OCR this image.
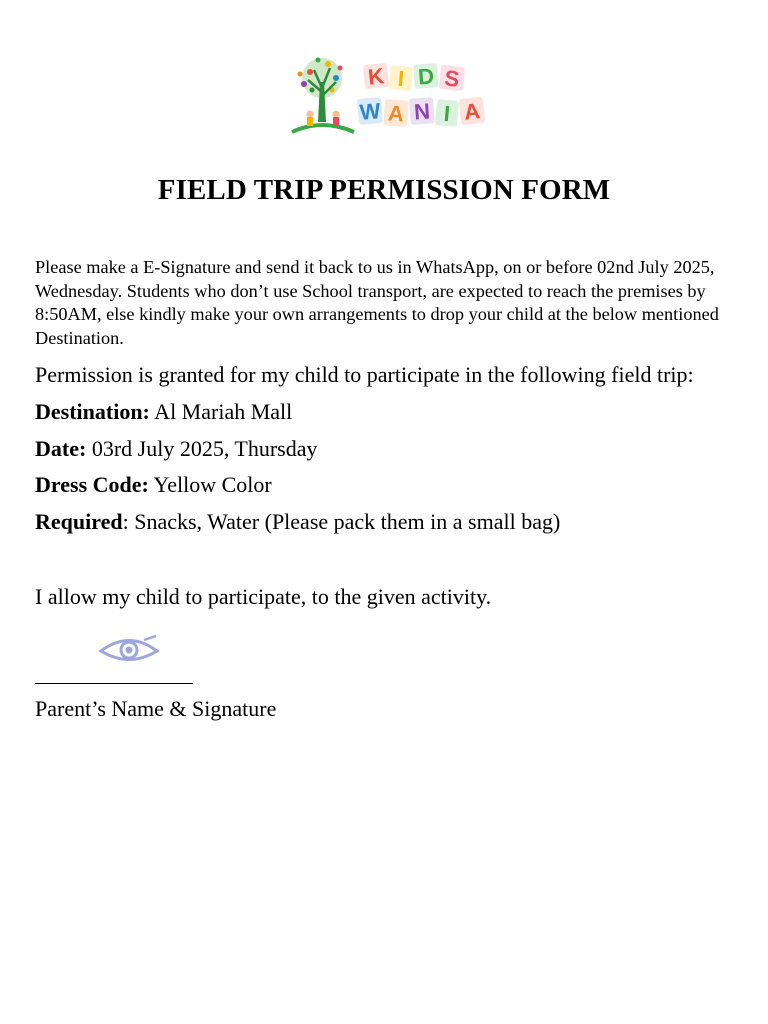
K I D S
W A N I A
FIELD TRIP PERMISSION FORM
Please make a E-Signature and send it back to us in WhatsApp, on or before 02nd July 2025, Wednesday. Students who don’t use School transport, are expected to reach the premises by 8:50AM, else kindly make your own arrangements to drop your child at the below mentioned Destination.
Permission is granted for my child to participate in the following field trip:
Destination: Al Mariah Mall
Date: 03rd July 2025, Thursday
Dress Code: Yellow Color
Required: Snacks, Water (Please pack them in a small bag)
I allow my child to participate, to the given activity.
Parent’s Name & Signature
